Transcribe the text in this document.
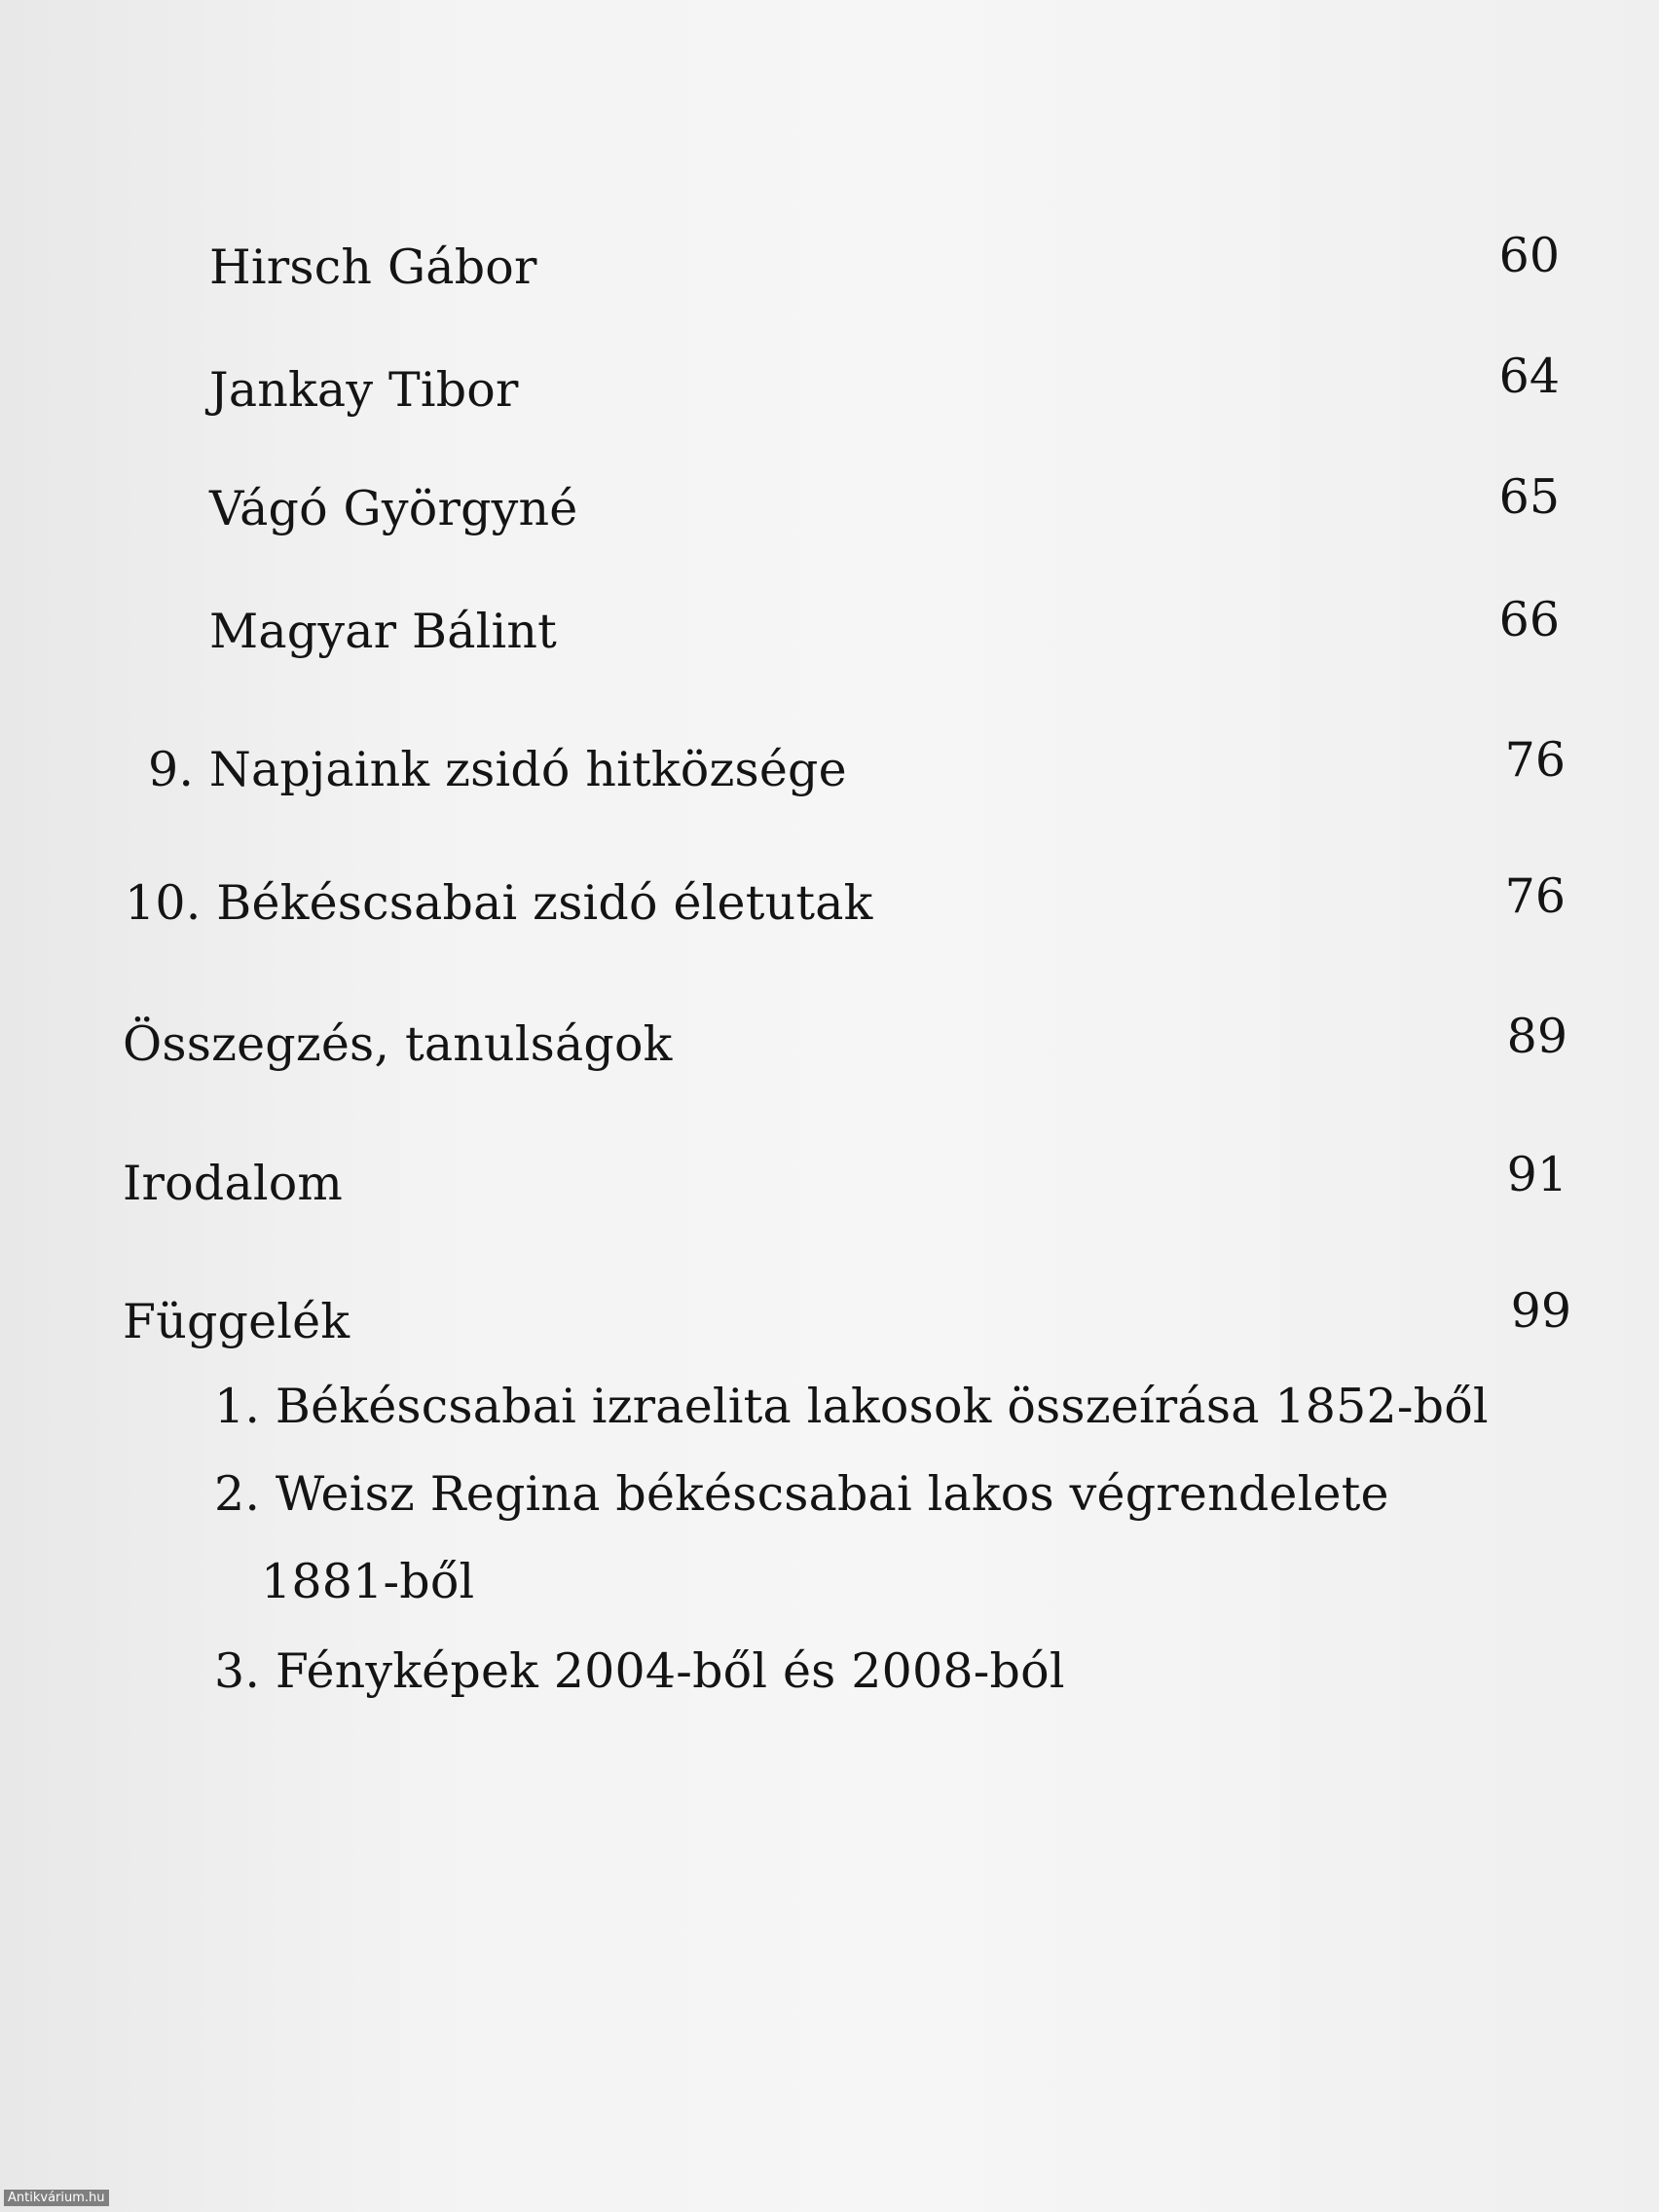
Hirsch Gábor	60
Jankay Tibor	64
Vágó Györgyné	65
Magyar Bálint	66
9. Napjaink zsidó hitközsége	76
10. Békéscsabai zsidó életutak	76
Összegzés, tanulságok	89
Irodalom	91
Függelék	99
1. Békéscsabai izraelita lakosok összeírása 1852-ből
2. Weisz Regina békéscsabai lakos végrendelete
1881-ből
3. Fényképek 2004-ből és 2008-ból
Antikvárium.hu
